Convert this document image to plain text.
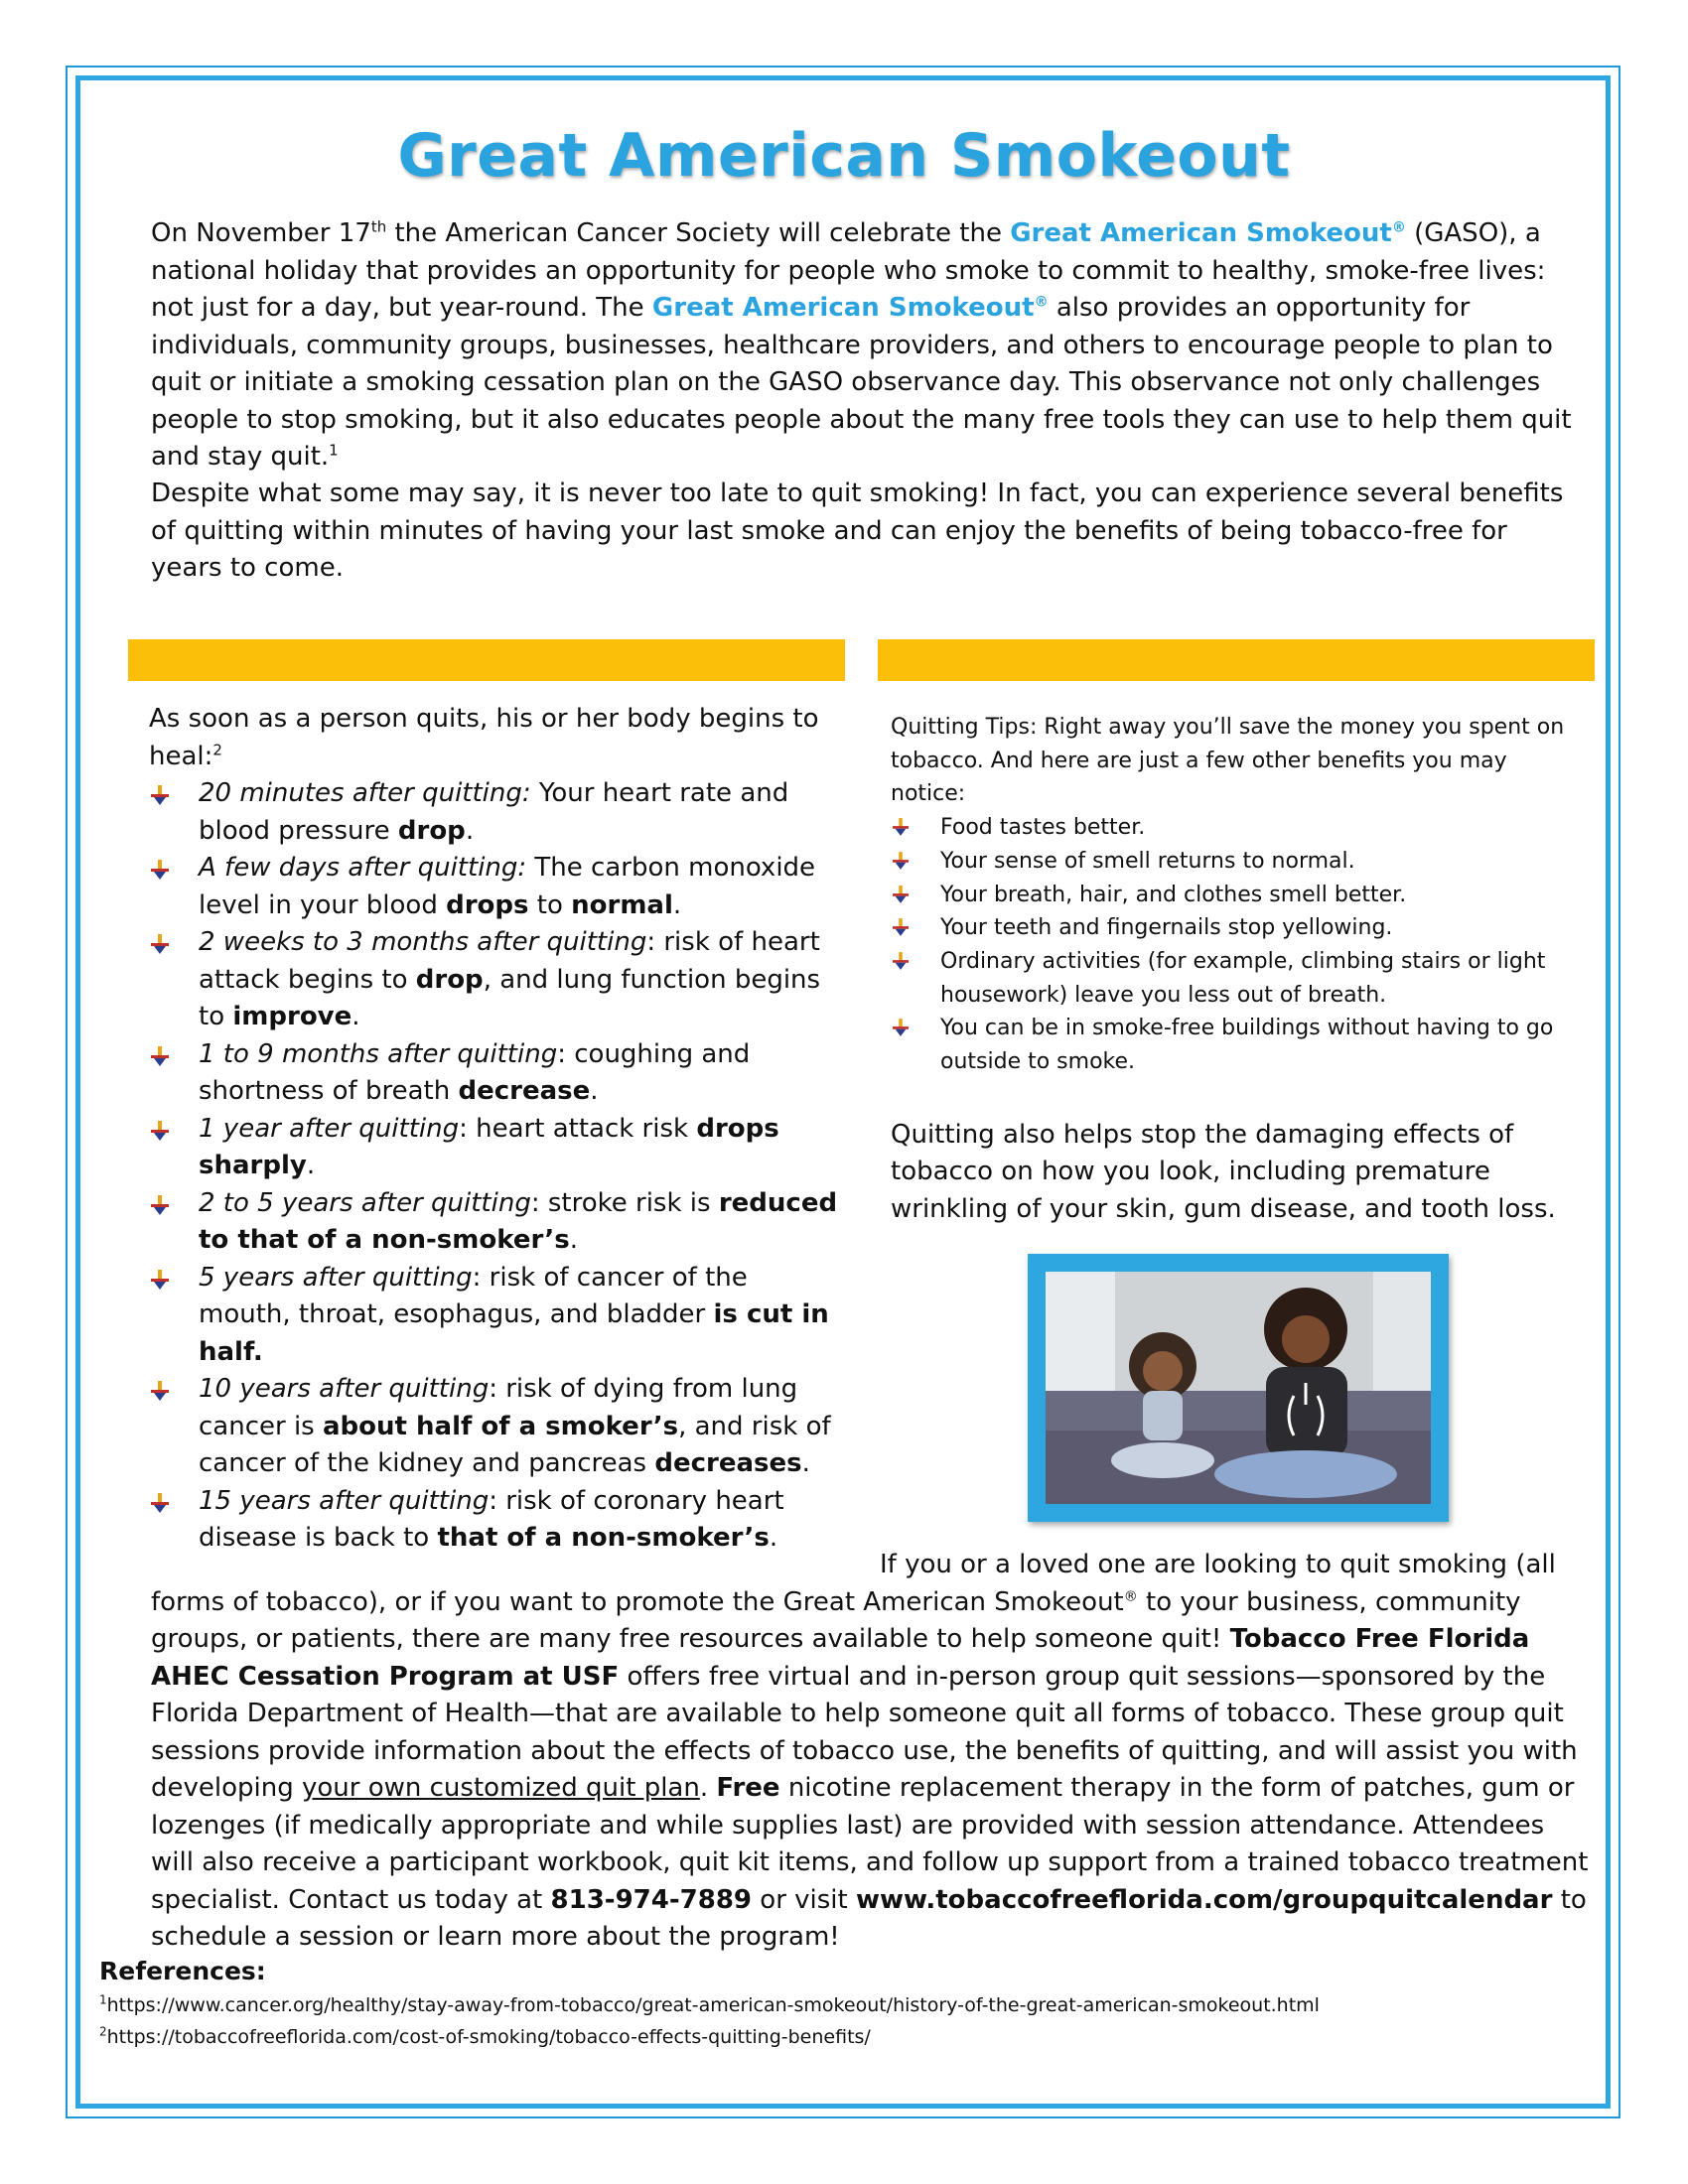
Great American Smokeout
On November 17th the American Cancer Society will celebrate the Great American Smokeout® (GASO), a national holiday that provides an opportunity for people who smoke to commit to healthy, smoke-free lives: not just for a day, but year-round. The Great American Smokeout® also provides an opportunity for individuals, community groups, businesses, healthcare providers, and others to encourage people to plan to quit or initiate a smoking cessation plan on the GASO observance day. This observance not only challenges people to stop smoking, but it also educates people about the many free tools they can use to help them quit and stay quit.$^1$
Despite what some may say, it is never too late to quit smoking! In fact, you can experience several benefits of quitting within minutes of having your last smoke and can enjoy the benefits of being tobacco-free for years to come.
As soon as a person quits, his or her body begins to heal:$^2$
20 minutes after quitting: Your heart rate and blood pressure drop.
A few days after quitting: The carbon monoxide level in your blood drops to normal.
2 weeks to 3 months after quitting: risk of heart attack begins to drop, and lung function begins to improve.
1 to 9 months after quitting: coughing and shortness of breath decrease.
1 year after quitting: heart attack risk drops sharply.
2 to 5 years after quitting: stroke risk is reduced to that of a non-smoker’s.
5 years after quitting: risk of cancer of the mouth, throat, esophagus, and bladder is cut in half.
10 years after quitting: risk of dying from lung cancer is about half of a smoker’s, and risk of cancer of the kidney and pancreas decreases.
15 years after quitting: risk of coronary heart disease is back to that of a non-smoker’s.
Quitting Tips: Right away you’ll save the money you spent on tobacco. And here are just a few other benefits you may notice:
Food tastes better.
Your sense of smell returns to normal.
Your breath, hair, and clothes smell better.
Your teeth and fingernails stop yellowing.
Ordinary activities (for example, climbing stairs or light housework) leave you less out of breath.
You can be in smoke-free buildings without having to go outside to smoke.
Quitting also helps stop the damaging effects of tobacco on how you look, including premature wrinkling of your skin, gum disease, and tooth loss.
If you or a loved one are looking to quit smoking (all forms of tobacco), or if you want to promote the Great American Smokeout® to your business, community groups, or patients, there are many free resources available to help someone quit! Tobacco Free Florida AHEC Cessation Program at USF offers free virtual and in-person group quit sessions—sponsored by the Florida Department of Health—that are available to help someone quit all forms of tobacco. These group quit sessions provide information about the effects of tobacco use, the benefits of quitting, and will assist you with developing your own customized quit plan. Free nicotine replacement therapy in the form of patches, gum or lozenges (if medically appropriate and while supplies last) are provided with session attendance. Attendees will also receive a participant workbook, quit kit items, and follow up support from a trained tobacco treatment specialist. Contact us today at 813-974-7889 or visit www.tobaccofreeflorida.com/groupquitcalendar to schedule a session or learn more about the program!
References:
$^1$https://www.cancer.org/healthy/stay-away-from-tobacco/great-american-smokeout/history-of-the-great-american-smokeout.html
$^2$https://tobaccofreeflorida.com/cost-of-smoking/tobacco-effects-quitting-benefits/
